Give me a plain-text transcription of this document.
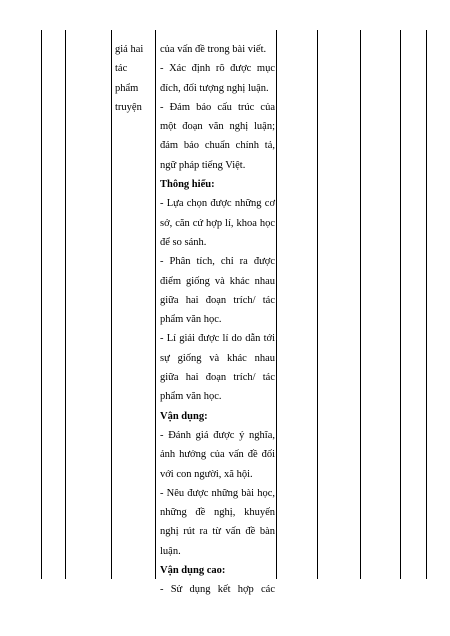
giá hai
tác
phẩm
truyện
của vấn đề trong bài viết.
- Xác định rõ được mục
đích, đối tượng nghị luận.
- Đảm bảo cấu trúc của
một đoạn văn nghị luận;
đảm bảo chuẩn chính tả,
ngữ pháp tiếng Việt.
Thông hiểu:
- Lựa chọn được những cơ
sở, căn cứ hợp lí, khoa học
để so sánh.
- Phân tích, chỉ ra được
điểm giống và khác nhau
giữa hai đoạn trích/ tác
phẩm văn học.
- Lí giải được lí do dẫn tới
sự giống và khác nhau
giữa hai đoạn trích/ tác
phẩm văn học.
Vận dụng:
- Đánh giá được ý nghĩa,
ảnh hưởng của vấn đề đối
với con người, xã hội.
- Nêu được những bài học,
những đề nghị, khuyến
nghị rút ra từ vấn đề bàn
luận.
Vận dụng cao:
- Sử dụng kết hợp các
